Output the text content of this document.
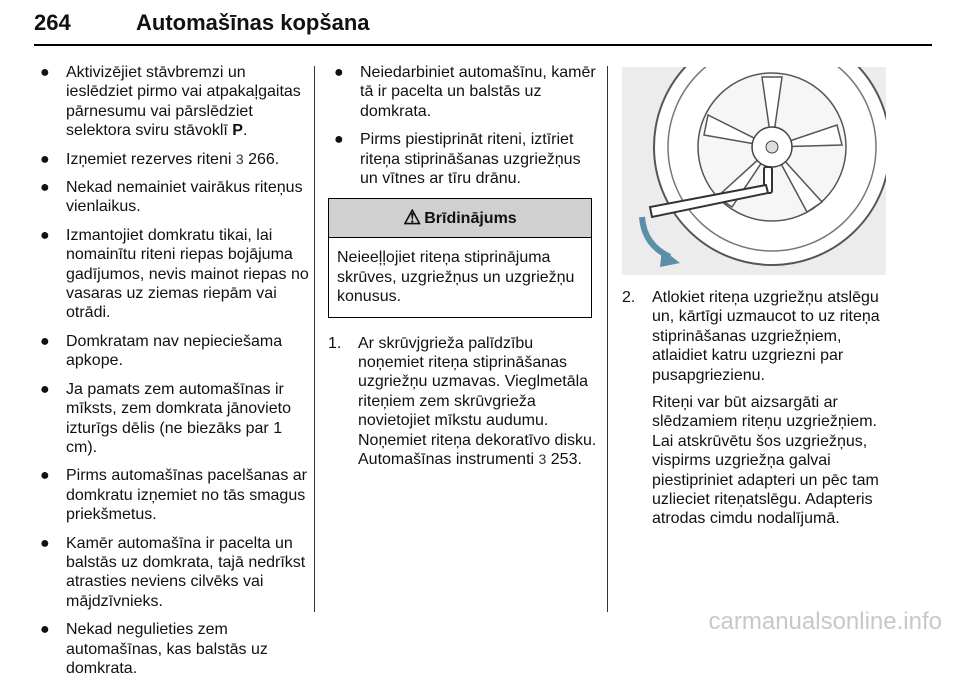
264	Automašīnas kopšana
● Aktivizējiet stāvbremzi un ieslēdziet pirmo vai atpakaļgaitas pārnesumu vai pārslēdziet selektora sviru stāvoklī P.
● Izņemiet rezerves riteni 3 266.
● Nekad nemainiet vairākus riteņus vienlaikus.
● Izmantojiet domkratu tikai, lai nomainītu riteni riepas bojājuma gadījumos, nevis mainot riepas no vasaras uz ziemas riepām vai otrādi.
● Domkratam nav nepieciešama apkope.
● Ja pamats zem automašīnas ir mīksts, zem domkrata jānovieto izturīgs dēlis (ne biezāks par 1 cm).
● Pirms automašīnas pacelšanas ar domkratu izņemiet no tās smagus priekšmetus.
● Kamēr automašīna ir pacelta un balstās uz domkrata, tajā nedrīkst atrasties neviens cilvēks vai mājdzīvnieks.
● Nekad negulieties zem automašīnas, kas balstās uz domkrata.
● Neiedarbiniet automašīnu, kamēr tā ir pacelta un balstās uz domkrata.
● Pirms piestiprināt riteni, iztīriet riteņa stiprināšanas uzgriežņus un vītnes ar tīru drānu.
⚠ Brīdinājums
Neieeļļojiet riteņa stiprinājuma skrūves, uzgriežņus un uzgriežņu konusus.
1. Ar skrūvjgrieža palīdzību noņemiet riteņa stiprināšanas uzgriežņu uzmavas. Vieglmetāla riteņiem zem skrūvgrieža novietojiet mīkstu audumu. Noņemiet riteņa dekoratīvo disku. Automašīnas instrumenti 3 253.

2. Atlokiet riteņa uzgriežņu atslēgu un, kārtīgi uzmaucot to uz riteņa stiprināšanas uzgriežņiem, atlaidiet katru uzgriezni par pusapgriezienu.

Riteņi var būt aizsargāti ar slēdzamiem riteņu uzgriežņiem. Lai atskrūvētu šos uzgriežņus, vispirms uzgriežņa galvai piestipriniet adapteri un pēc tam uzlieciet riteņatslēgu. Adapteris atrodas cimdu nodalījumā.

carmanualsonline.info
